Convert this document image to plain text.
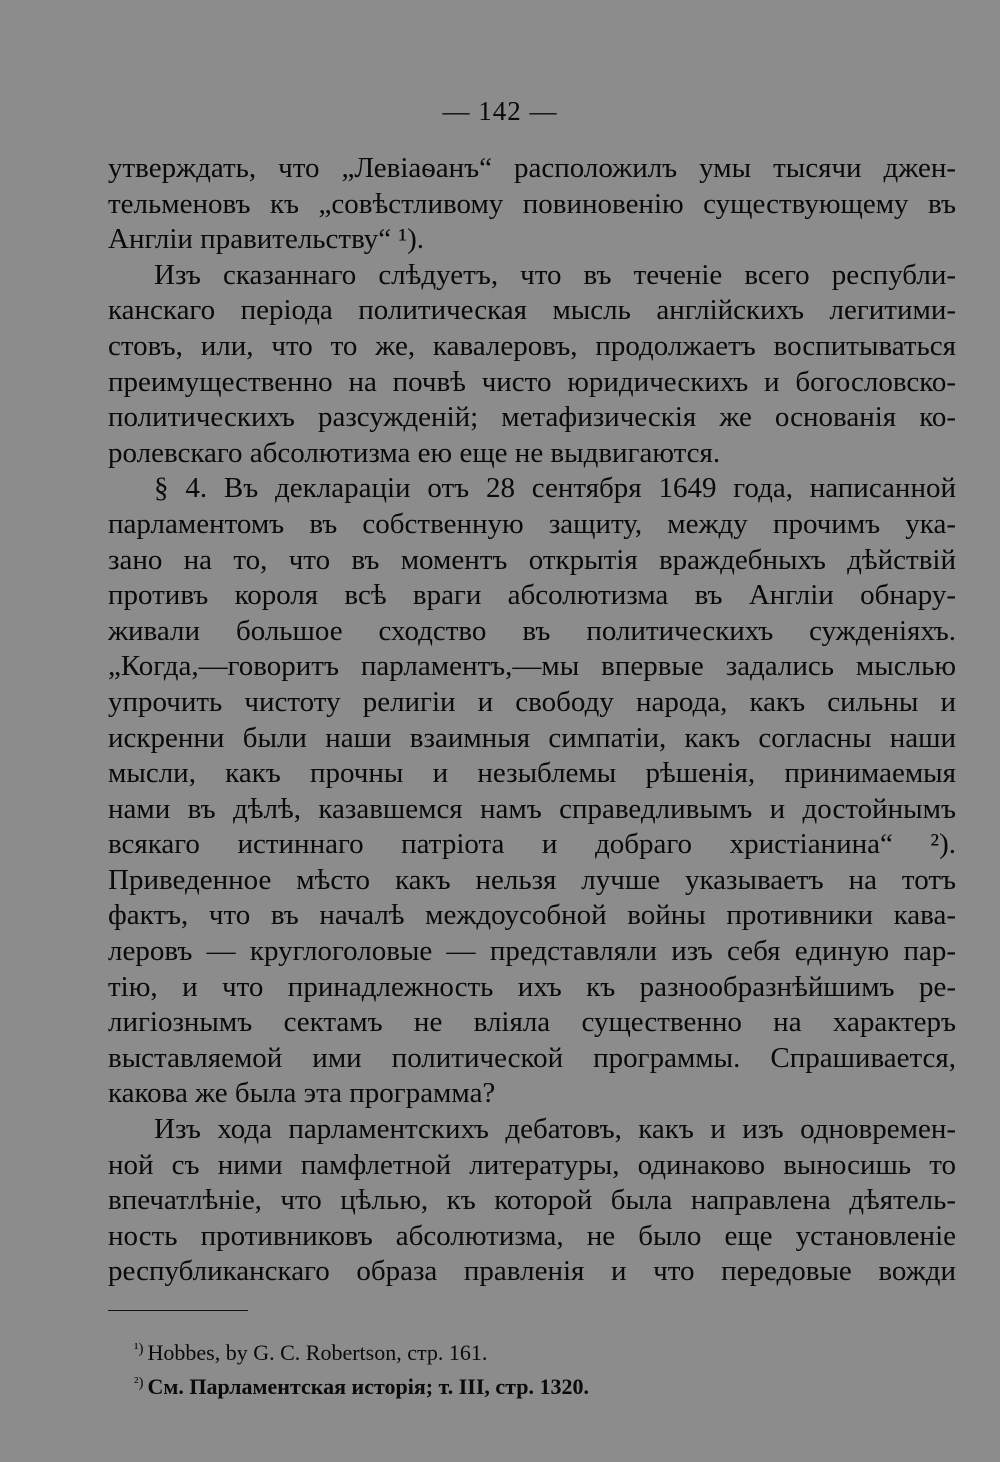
— 142 —
утверждать, что „Левіаѳанъ“ расположилъ умы тысячи джен-
тельменовъ къ „совѣстливому повиновенію существующему въ
Англіи правительству“ ¹).
Изъ сказаннаго слѣдуетъ, что въ теченіе всего республи-
канскаго періода политическая мысль англійскихъ легитими-
стовъ, или, что то же, кавалеровъ, продолжаетъ воспитываться
преимущественно на почвѣ чисто юридическихъ и богословско-
политическихъ разсужденій; метафизическія же основанія ко-
ролевскаго абсолютизма ею еще не выдвигаются.
§ 4. Въ деклараціи отъ 28 сентября 1649 года, написанной
парламентомъ въ собственную защиту, между прочимъ ука-
зано на то, что въ моментъ открытія враждебныхъ дѣйствій
противъ короля всѣ враги абсолютизма въ Англіи обнару-
живали большое сходство въ политическихъ сужденіяхъ.
„Когда,—говоритъ парламентъ,—мы впервые задались мыслью
упрочить чистоту религіи и свободу народа, какъ сильны и
искренни были наши взаимныя симпатіи, какъ согласны наши
мысли, какъ прочны и незыблемы рѣшенія, принимаемыя
нами въ дѣлѣ, казавшемся намъ справедливымъ и достойнымъ
всякаго истиннаго патріота и добраго христіанина“ ²).
Приведенное мѣсто какъ нельзя лучше указываетъ на тотъ
фактъ, что въ началѣ междоусобной войны противники кава-
леровъ — круглоголовые — представляли изъ себя единую пар-
тію, и что принадлежность ихъ къ разнообразнѣйшимъ ре-
лигіознымъ сектамъ не вліяла существенно на характеръ
выставляемой ими политической программы. Спрашивается,
какова же была эта программа?
Изъ хода парламентскихъ дебатовъ, какъ и изъ одновремен-
ной съ ними памфлетной литературы, одинаково выносишь то
впечатлѣніе, что цѣлью, къ которой была направлена дѣятель-
ность противниковъ абсолютизма, не было еще установленіе
республиканскаго образа правленія и что передовые вожди
$^{^1)}$ Hobbes, by G. C. Robertson, стр. 161.
$^{^2)}$ См. Парламентская исторія; т. III, стр. 1320.
